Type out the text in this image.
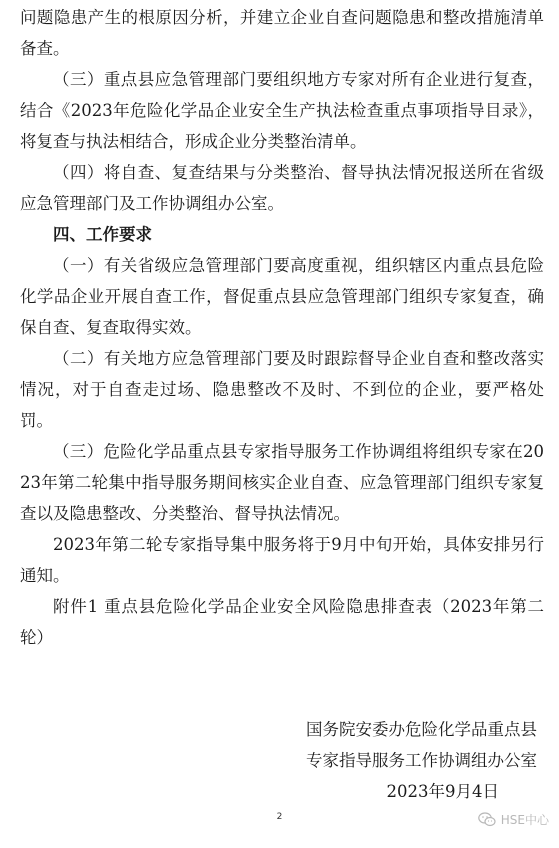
问题隐患产生的根原因分析，并建立企业自查问题隐患和整改措施清单备查。

（三）重点县应急管理部门要组织地方专家对所有企业进行复查，结合《2023年危险化学品企业安全生产执法检查重点事项指导目录》，将复查与执法相结合，形成企业分类整治清单。

（四）将自查、复查结果与分类整治、督导执法情况报送所在省级应急管理部门及工作协调组办公室。

四、工作要求

（一）有关省级应急管理部门要高度重视，组织辖区内重点县危险化学品企业开展自查工作，督促重点县应急管理部门组织专家复查，确保自查、复查取得实效。

（二）有关地方应急管理部门要及时跟踪督导企业自查和整改落实情况，对于自查走过场、隐患整改不及时、不到位的企业，要严格处罚。

（三）危险化学品重点县专家指导服务工作协调组将组织专家在2023年第二轮集中指导服务期间核实企业自查、应急管理部门组织专家复查以及隐患整改、分类整治、督导执法情况。

2023年第二轮专家指导集中服务将于9月中旬开始，具体安排另行通知。

附件1 重点县危险化学品企业安全风险隐患排查表（2023年第二轮）

国务院安委办危险化学品重点县
专家指导服务工作协调组办公室
2023年9月4日
2	HSE中心
